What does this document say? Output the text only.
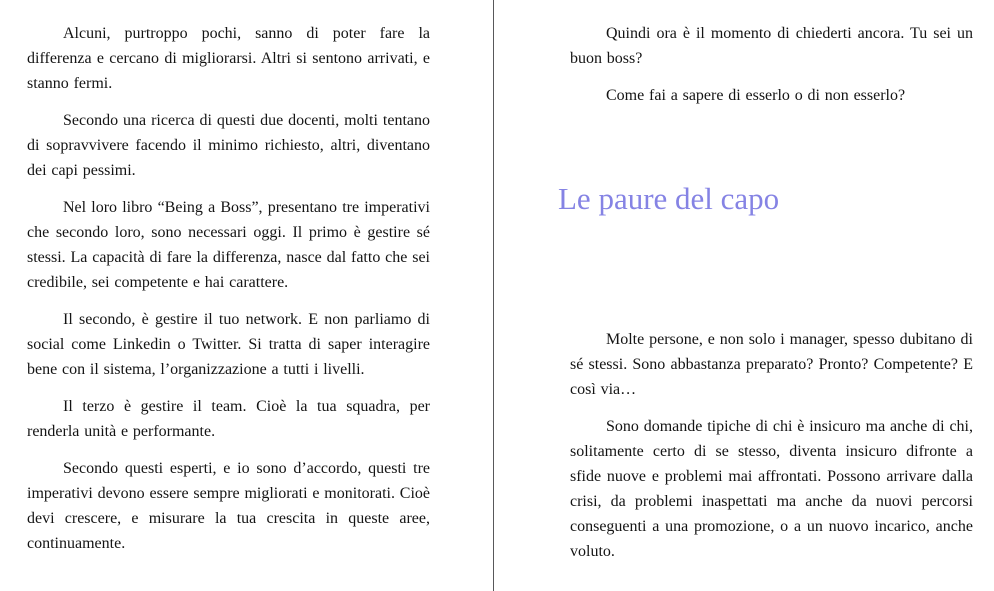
Alcuni, purtroppo pochi, sanno di poter fare la differenza e cercano di migliorarsi. Altri si sentono arrivati, e stanno fermi.

Secondo una ricerca di questi due docenti, molti tentano di sopravvivere facendo il minimo richiesto, altri, diventano dei capi pessimi.

Nel loro libro “Being a Boss”, presentano tre imperativi che secondo loro, sono necessari oggi. Il primo è gestire sé stessi. La capacità di fare la differenza, nasce dal fatto che sei credibile, sei competente e hai carattere.

Il secondo, è gestire il tuo network. E non parliamo di social come Linkedin o Twitter. Si tratta di saper interagire bene con il sistema, l’organizzazione a tutti i livelli.

Il terzo è gestire il team. Cioè la tua squadra, per renderla unità e performante.

Secondo questi esperti, e io sono d’accordo, questi tre imperativi devono essere sempre migliorati e monitorati. Cioè devi crescere, e misurare la tua crescita in queste aree, continuamente.

Quindi ora è il momento di chiederti ancora. Tu sei un buon boss?

Come fai a sapere di esserlo o di non esserlo?

Le paure del capo

Molte persone, e non solo i manager, spesso dubitano di sé stessi. Sono abbastanza preparato? Pronto? Competente? E così via…

Sono domande tipiche di chi è insicuro ma anche di chi, solitamente certo di se stesso, diventa insicuro difronte a sfide nuove e problemi mai affrontati. Possono arrivare dalla crisi, da problemi inaspettati ma anche da nuovi percorsi conseguenti a una promozione, o a un nuovo incarico, anche voluto.
